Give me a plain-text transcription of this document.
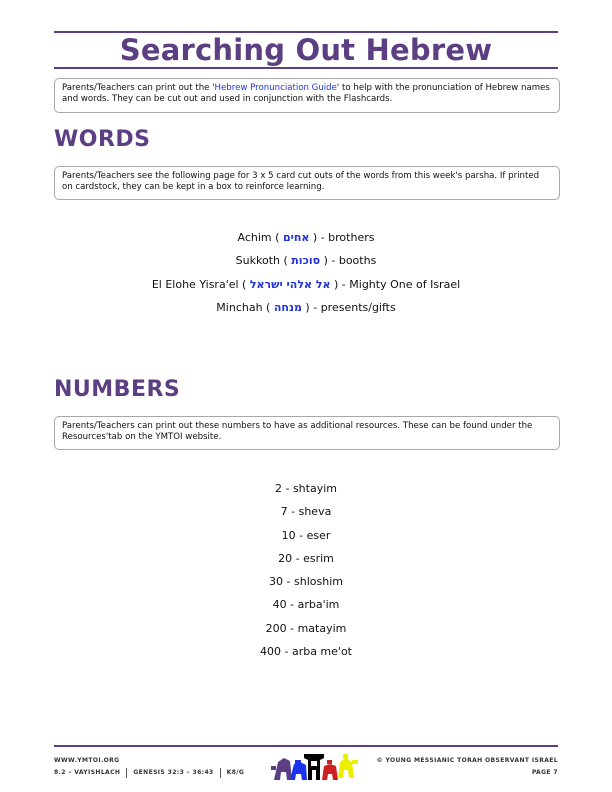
Searching Out Hebrew
Parents/Teachers can print out the 'Hebrew Pronunciation Guide' to help with the pronunciation of Hebrew names and words. They can be cut out and used in conjunction with the Flashcards.
WORDS
Parents/Teachers see the following page for 3 x 5 card cut outs of the words from this week's parsha. If printed on cardstock, they can be kept in a box to reinforce learning.
Achim ( אחים ) - brothers
Sukkoth ( סוכות ) - booths
El Elohe Yisra'el ( אל אלהי ישראל ) - Mighty One of Israel
Minchah ( מנחה ) - presents/gifts
NUMBERS
Parents/Teachers can print out these numbers to have as additional resources. These can be found under the Resources'tab on the YMTOI website.
2 - shtayim
7 - sheva
10 - eser
20 - esrim
30 - shloshim
40 - arba'im
200 - matayim
400 - arba me'ot
WWW.YMTOI.ORG
8.2 – VAYISHLACH GENESIS 32:3 – 36:43 K8/G
© YOUNG MESSIANIC TORAH OBSERVANT ISRAEL
PAGE 7
